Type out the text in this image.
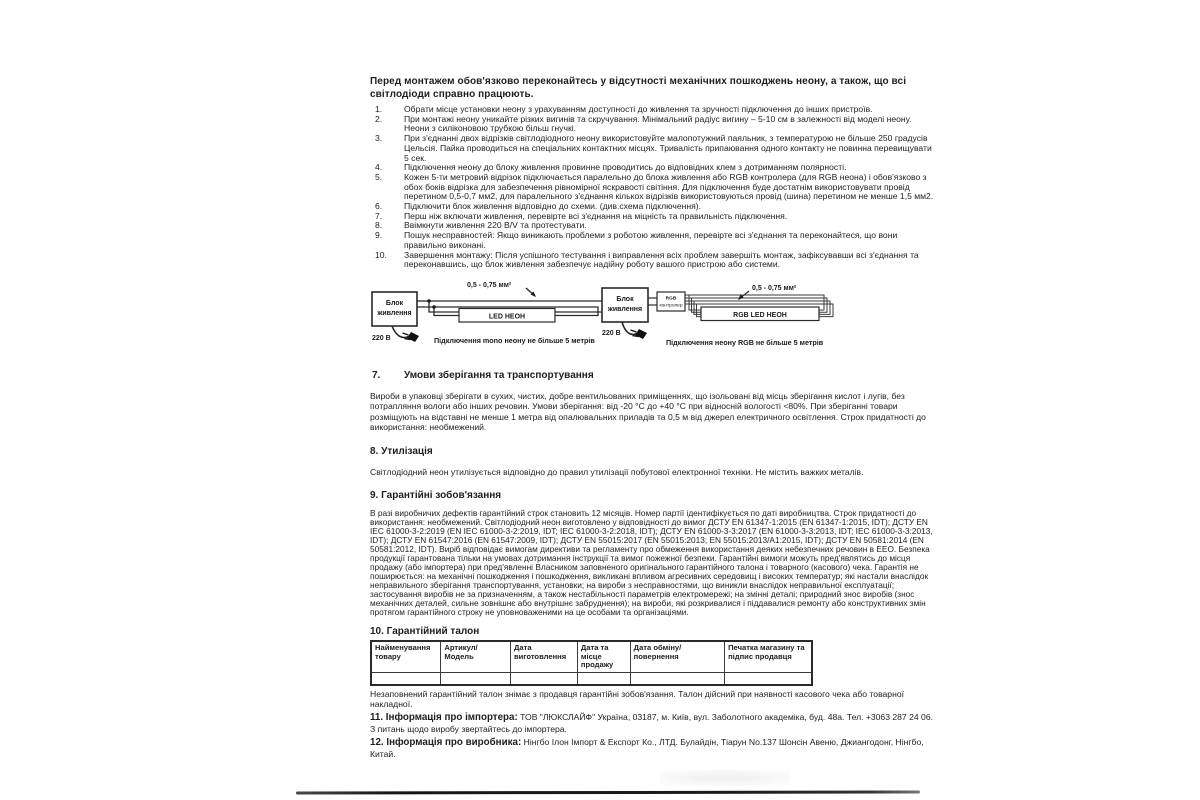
Перед монтажем обов'язково переконайтесь у відсутності механічних пошкоджень неону, а також, що всі світлодіоди справно працюють.
1.	Обрати місце установки неону з урахуванням доступності до живлення та зручності підключення до інших пристроїв.
2.	При монтажі неону уникайте різких вигинів та скручування. Мінімальний радіус вигину – 5-10 см в залежності від моделі неону. Неони з силіконовою трубкою більш гнучкі.
3.	При з'єднанні двох відрізків світлодіодного неону використовуйте малопотужний паяльник, з температурою не більше 250 градусів Цельсія. Пайка проводиться на спеціальних контактних місцях. Тривалість припаювання одного контакту не повинна перевищувати 5 сек.
4.	Підключення неону до блоку живлення провинне проводитись до відповідних клем з дотриманням полярності.
5.	Кожен 5-ти метровий відрізок підключається паралельно до блока живлення або RGB контролера (для RGB неона) і обов'язково з обох боків відрізка для забезпечення рівномірної яскравості світіння. Для підключення буде достатнім використовувати провід перетином 0,5-0,7 мм2, для паралельного з'єднання кількох відрізків використовуються провід (шина) перетином не менше 1,5 мм2.
6.	Підключити блок живлення відповідно до схеми. (див.схема підключення).
7.	Перш ніж включати живлення, перевірте всі з'єднання на міцність та правильність підключення.
8.	Ввімкнути живлення 220 В/V та протестувати.
9.	Пошук несправностей: Якщо виникають проблеми з роботою живлення, перевірте всі з'єднання та переконайтеся, що вони правильно виконані.
10.	Завершення монтажу: Після успішного тестування і виправлення всіх проблем завершіть монтаж, зафіксувавши всі з'єднання та переконавшись, що блок живлення забезпечує надійну роботу вашого пристрою або системи.
Блок
живлення
0,5 - 0,75 мм²
LED НЕОН
220 В	Підключення mono неону не більше 5 метрів
Блок
живлення
RGB
контролер
0,5 - 0,75 мм²
RGB LED НЕОН
220 В
Підключення неону RGB не більше 5 метрів
7.	Умови зберігання та транспортування
Вироби в упаковці зберігати в сухих, чистих, добре вентильованих приміщеннях, що ізольовані від місць зберігання кислот і лугів, без потрапляння вологи або інших речовин. Умови зберігання: від -20 °С до +40 °С при відносній вологості <80%. При зберіганні товари розміщують на відставні не менше 1 метра від опалювальних приладів та 0,5 м від джерел електричного освітлення. Строк придатності до використання: необмежений.
8. Утилізація
Світлодіодний неон утилізується відповідно до правил утилізації побутової електронної техніки. Не містить важких металів.
9. Гарантійні зобов'язання
В разі виробничих дефектів гарантійний строк становить 12 місяців. Номер партії ідентифікується по даті виробництва. Строк придатності до використання: необмежений. Світлодіодний неон виготовлено у відповідності до вимог ДСТУ EN 61347-1:2015 (EN 61347-1:2015, IDT); ДСТУ EN IEC 61000-3-2:2019 (EN IEC 61000-3-2:2019, IDT; IEC 61000-3-2:2018, IDT); ДСТУ EN 61000-3-3:2017 (EN 61000-3-3:2013, IDT; IEC 61000-3-3:2013, IDT); ДСТУ EN 61547:2016 (EN 61547:2009, IDT); ДСТУ EN 55015:2017 (EN 55015:2013; EN 55015:2013/A1:2015, IDT); ДСТУ EN 50581:2014 (EN 50581:2012, IDT). Виріб відповідає вимогам директиви та регламенту про обмеження використання деяких небезпечних речовин в ЕЕО. Безпека продукції гарантована тільки на умовах дотримання інструкції та вимог пожежної безпеки. Гарантійні вимоги можуть пред'являтись до місця продажу (або імпортера) при пред'явленні Власником заповненого оригінального гарантійного талона і товарного (касового) чека. Гарантія не поширюється: на механічні пошкодження і пошкодження, викликані впливом агресивних середовищ і високих температур; які настали внаслідок неправильного зберігання транспортування, установки; на вироби з несправностями, що виникли внаслідок неправильної експлуатації; застосування виробів не за призначенням, а також нестабільності параметрів електромережі; на змінні деталі; природний знос виробів (знос механічних деталей, сильне зовнішнє або внутрішнє забруднення); на вироби, які розкривалися і піддавалися ремонту або конструктивних змін протягом гарантійного строку не уповноваженими на це особами та організаціями.
10. Гарантійний талон
Найменування товару	Артикул/Модель	Дата виготовлення	Дата та місце продажу	Дата обміну/повернення	Печатка магазину та підпис продавця

Незаповнений гарантійний талон знімає з продавця гарантійні зобов'язання. Талон дійсний при наявності касового чека або товарної накладної.
11. Інформація про імпортера: ТОВ "ЛЮКСЛАЙФ" Україна, 03187, м. Київ, вул. Заболотного академіка, буд. 48а. Тел. +3063 287 24 06. З питань щодо виробу звертайтесь до імпортера.
12. Інформація про виробника: Нінгбо Ілон Імпорт & Експорт Ко., ЛТД. Булайдін, Тіарун No.137 Шонсін Авеню, Джиангодонг, Нінгбо, Китай.
